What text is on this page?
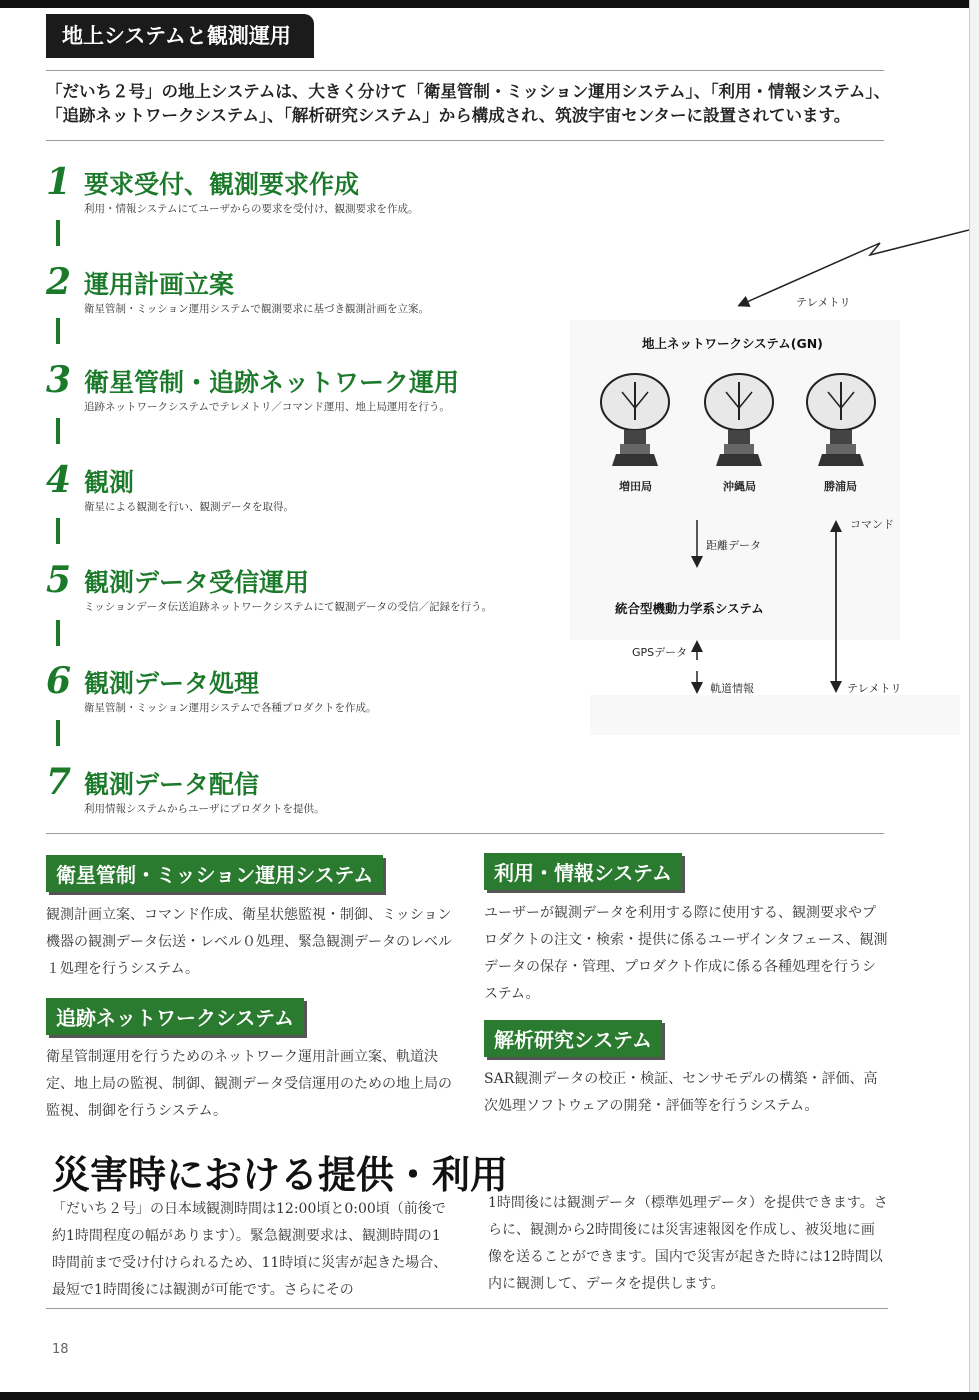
地上システムと観測運用
「だいち２号」の地上システムは、大きく分けて「衛星管制・ミッション運用システム」、「利用・情報システム」、「追跡ネットワークシステム」、「解析研究システム」から構成され、筑波宇宙センターに設置されています。
1 要求受付、観測要求作成
利用・情報システムにてユーザからの要求を受付け、観測要求を作成。
2 運用計画立案
衛星管制・ミッション運用システムで観測要求に基づき観測計画を立案。
3 衛星管制・追跡ネットワーク運用
追跡ネットワークシステムでテレメトリ／コマンド運用、地上局運用を行う。
4 観測
衛星による観測を行い、観測データを取得。
5 観測データ受信運用
ミッションデータ伝送追跡ネットワークシステムにて観測データの受信／記録を行う。
6 観測データ処理
衛星管制・ミッション運用システムで各種プロダクトを作成。
7 観測データ配信
利用情報システムからユーザにプロダクトを提供。
テレメトリ
地上ネットワークシステム(GN)
増田局	沖縄局	勝浦局
距離データ
コマンド
統合型機動力学系システム
GPSデータ
軌道情報	テレメトリ
衛星管制・ミッション運用システム
観測計画立案、コマンド作成、衛星状態監視・制御、ミッション機器の観測データ伝送・レベル０処理、緊急観測データのレベル１処理を行うシステム。
利用・情報システム
ユーザーが観測データを利用する際に使用する、観測要求やプロダクトの注文・検索・提供に係るユーザインタフェース、観測データの保存・管理、プロダクト作成に係る各種処理を行うシステム。
追跡ネットワークシステム
衛星管制運用を行うためのネットワーク運用計画立案、軌道決定、地上局の監視、制御、観測データ受信運用のための地上局の監視、制御を行うシステム。
解析研究システム
SAR観測データの校正・検証、センサモデルの構築・評価、高次処理ソフトウェアの開発・評価等を行うシステム。
災害時における提供・利用
「だいち２号」の日本域観測時間は12:00頃と0:00頃（前後で約1時間程度の幅があります）。緊急観測要求は、観測時間の1時間前まで受け付けられるため、11時頃に災害が起きた場合、最短で1時間後には観測が可能です。さらにその
1時間後には観測データ（標準処理データ）を提供できます。さらに、観測から2時間後には災害速報図を作成し、被災地に画像を送ることができます。国内で災害が起きた時には12時間以内に観測して、データを提供します。
18
